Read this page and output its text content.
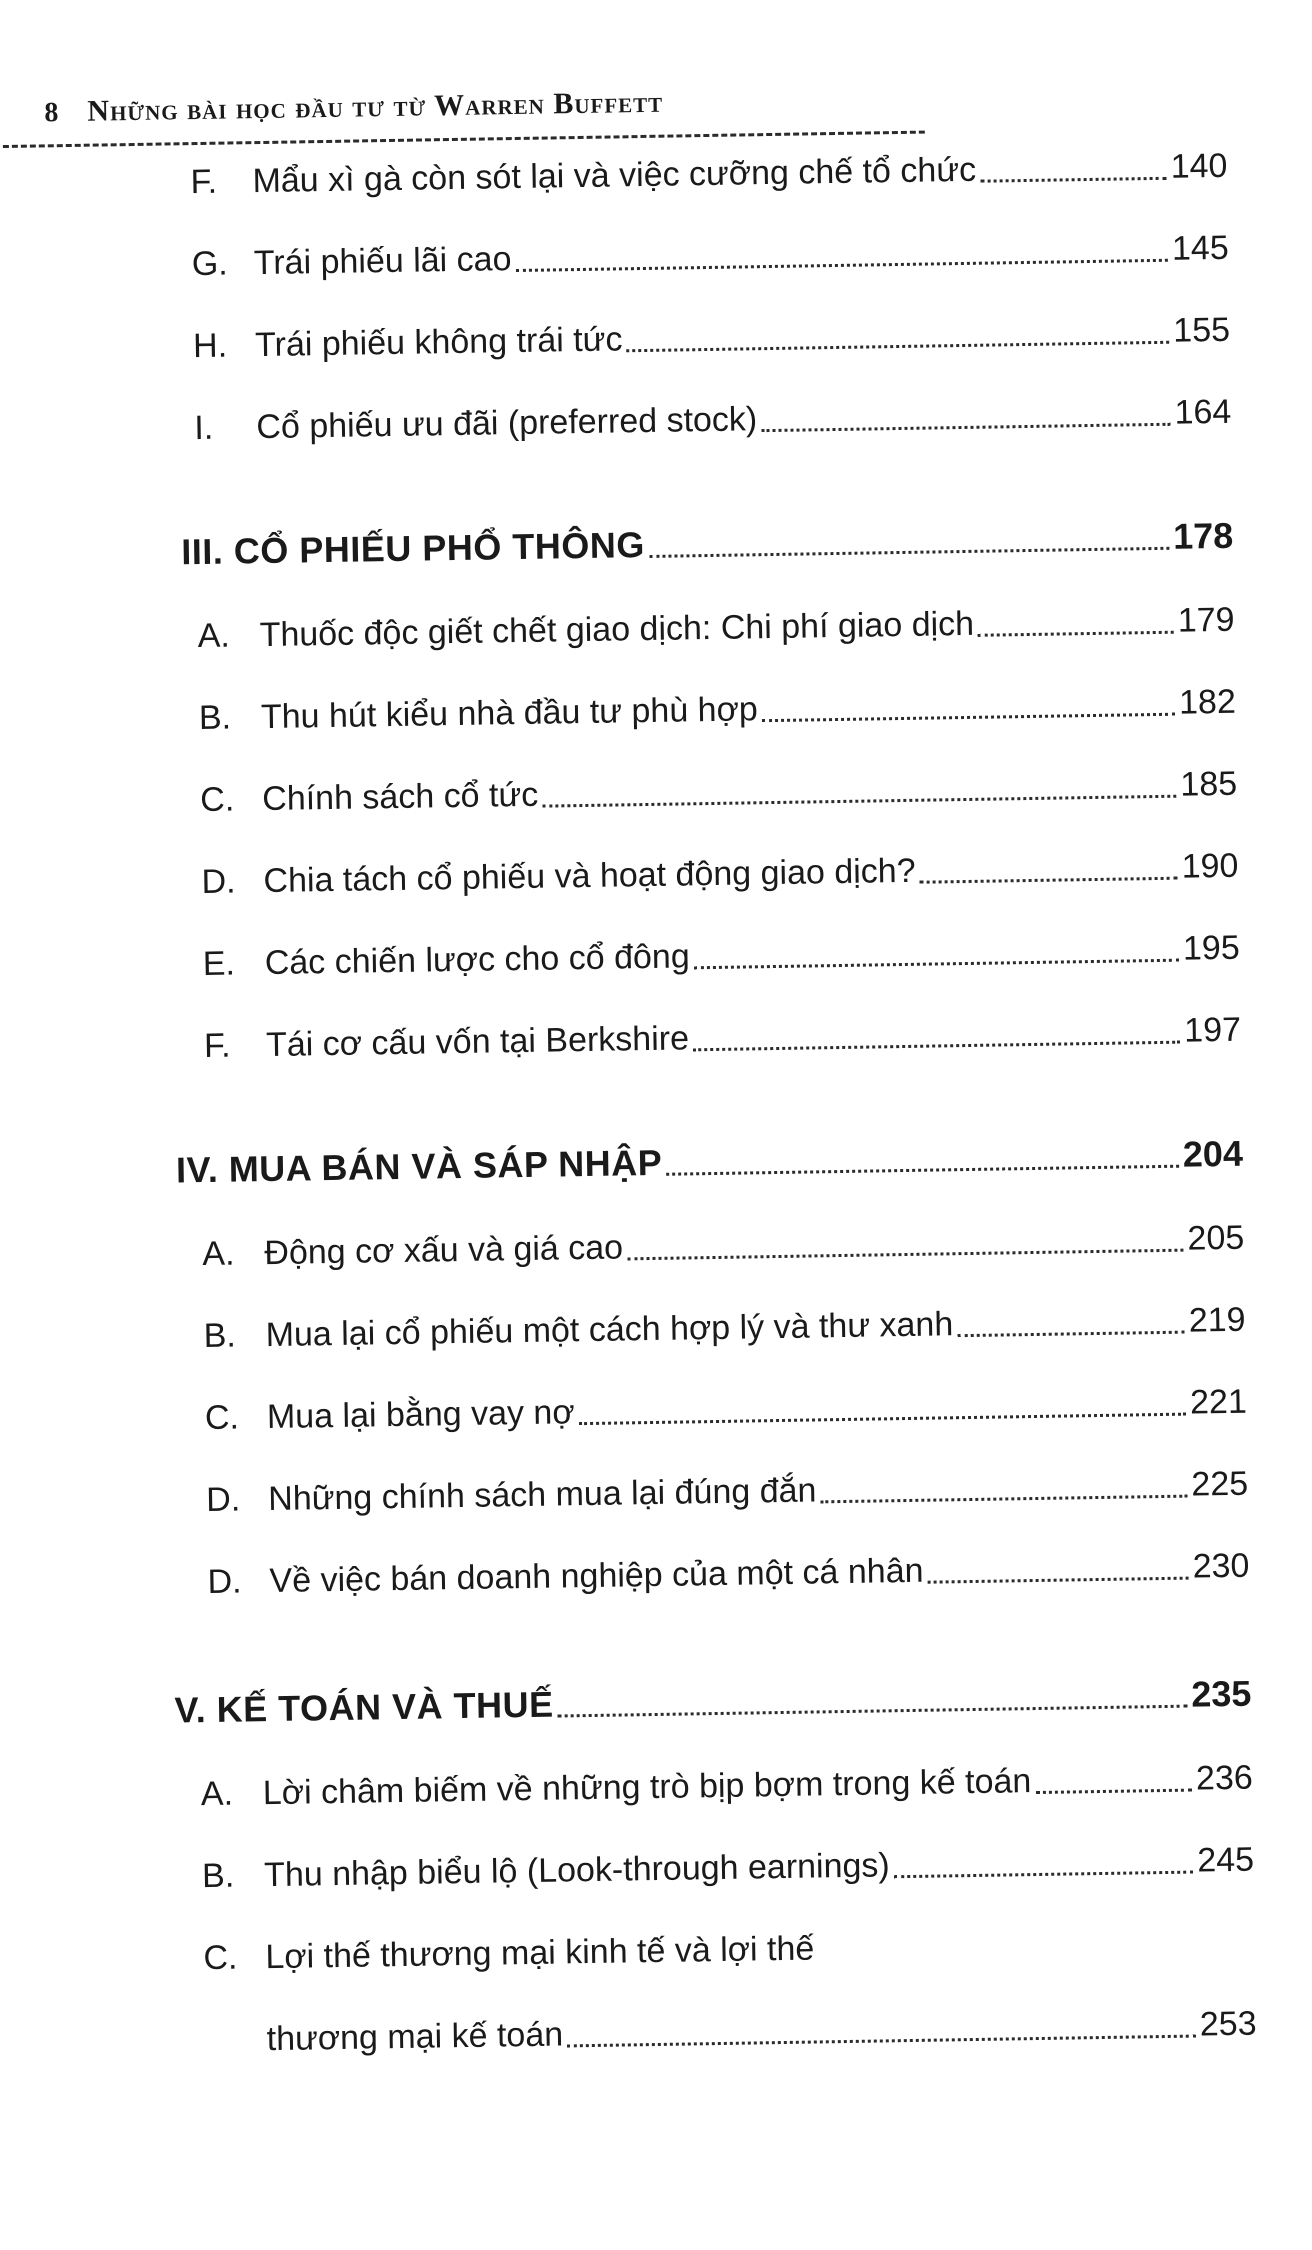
8 Những bài học đầu tư từ Warren Buffett
F.	Mẩu xì gà còn sót lại và việc cưỡng chế tổ chức	140
G. Trái phiếu lãi cao	145
H. Trái phiếu không trái tức	155
I.	Cổ phiếu ưu đãi (preferred stock)	164
III. CỔ PHIẾU PHỔ THÔNG	178
A. Thuốc độc giết chết giao dịch: Chi phí giao dịch	179
B. Thu hút kiểu nhà đầu tư phù hợp	182
C. Chính sách cổ tức	185
D. Chia tách cổ phiếu và hoạt động giao dịch?	190
E. Các chiến lược cho cổ đông	195
F.	Tái cơ cấu vốn tại Berkshire	197
IV. MUA BÁN VÀ SÁP NHẬP	204
A. Động cơ xấu và giá cao	205
B. Mua lại cổ phiếu một cách hợp lý và thư xanh	219
C. Mua lại bằng vay nợ	221
D. Những chính sách mua lại đúng đắn	225
D. Về việc bán doanh nghiệp của một cá nhân	230
V. KẾ TOÁN VÀ THUẾ	235
A. Lời châm biếm về những trò bịp bợm trong kế toán	236
B. Thu nhập biểu lộ (Look-through earnings)	245
C. Lợi thế thương mại kinh tế và lợi thế
thương mại kế toán	253
